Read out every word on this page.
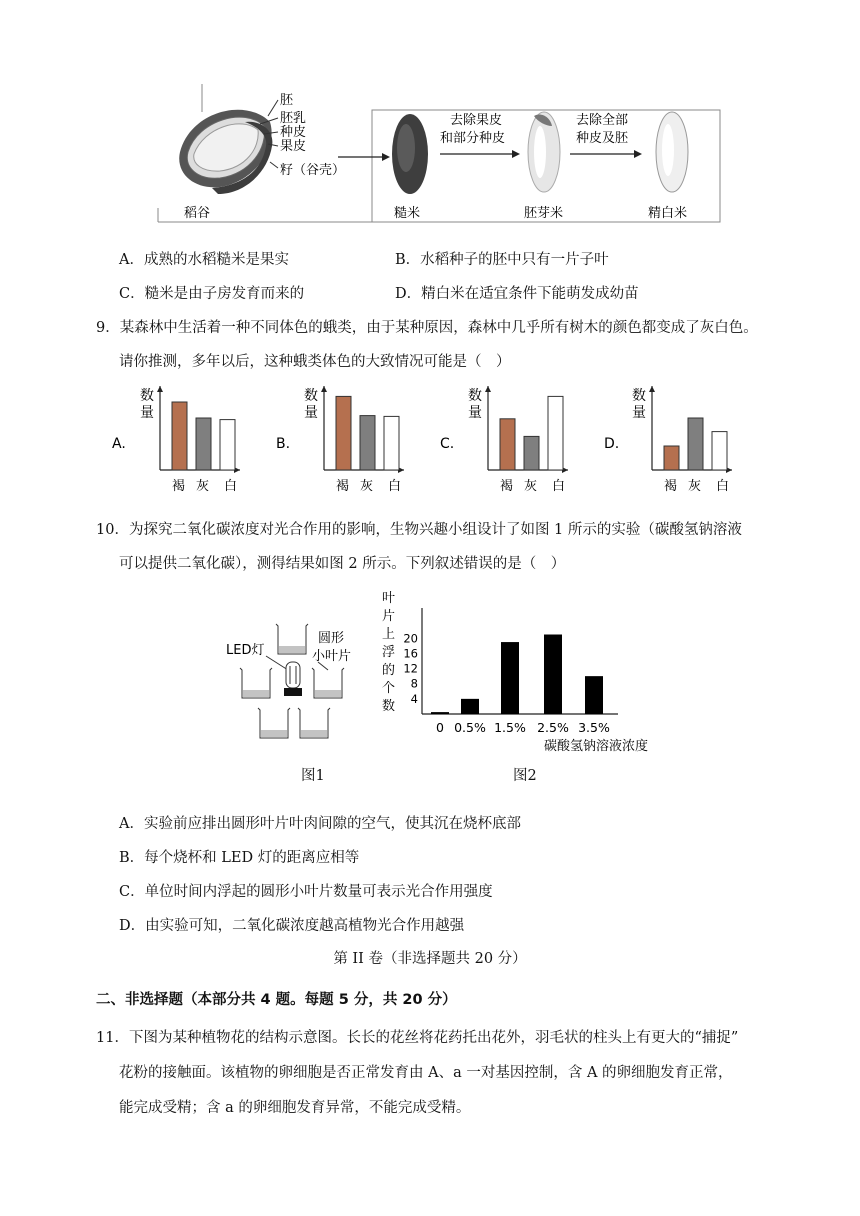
胚
胚乳
种皮
果皮
籽（谷壳）
去除果皮
和部分种皮
去除全部
种皮及胚
稻谷	糙米	胚芽米	精白米
A．成熟的水稻糙米是果实	B．水稻种子的胚中只有一片子叶
C．糙米是由子房发育而来的	D．精白米在适宜条件下能萌发成幼苗
9．某森林中生活着一种不同体色的蛾类，由于某种原因，森林中几乎所有树木的颜色都变成了灰白色。
请你推测，多年以后，这种蛾类体色的大致情况可能是（　）
A.
数
量
褐 灰 白
B.
数
量
褐 灰 白
C.
数
量
褐 灰 白
D.
数
量
褐 灰 白
10．为探究二氧化碳浓度对光合作用的影响，生物兴趣小组设计了如图 1 所示的实验（碳酸氢钠溶液
可以提供二氧化碳），测得结果如图 2 所示。下列叙述错误的是（　）
LED灯
圆形
小叶片
图1
叶
片
上
浮
的
个
数
4
8
12
16
20
0 0.5% 1.5% 2.5% 3.5%
碳酸氢钠溶液浓度
图2
A．实验前应排出圆形叶片叶肉间隙的空气，使其沉在烧杯底部
B．每个烧杯和 LED 灯的距离应相等
C．单位时间内浮起的圆形小叶片数量可表示光合作用强度
D．由实验可知，二氧化碳浓度越高植物光合作用越强
第 II 卷（非选择题共 20 分）
二、非选择题（本部分共 4 题。每题 5 分，共 20 分）
11．下图为某种植物花的结构示意图。长长的花丝将花药托出花外，羽毛状的柱头上有更大的“捕捉”
花粉的接触面。该植物的卵细胞是否正常发育由 A、a 一对基因控制，含 A 的卵细胞发育正常，
能完成受精；含 a 的卵细胞发育异常，不能完成受精。
